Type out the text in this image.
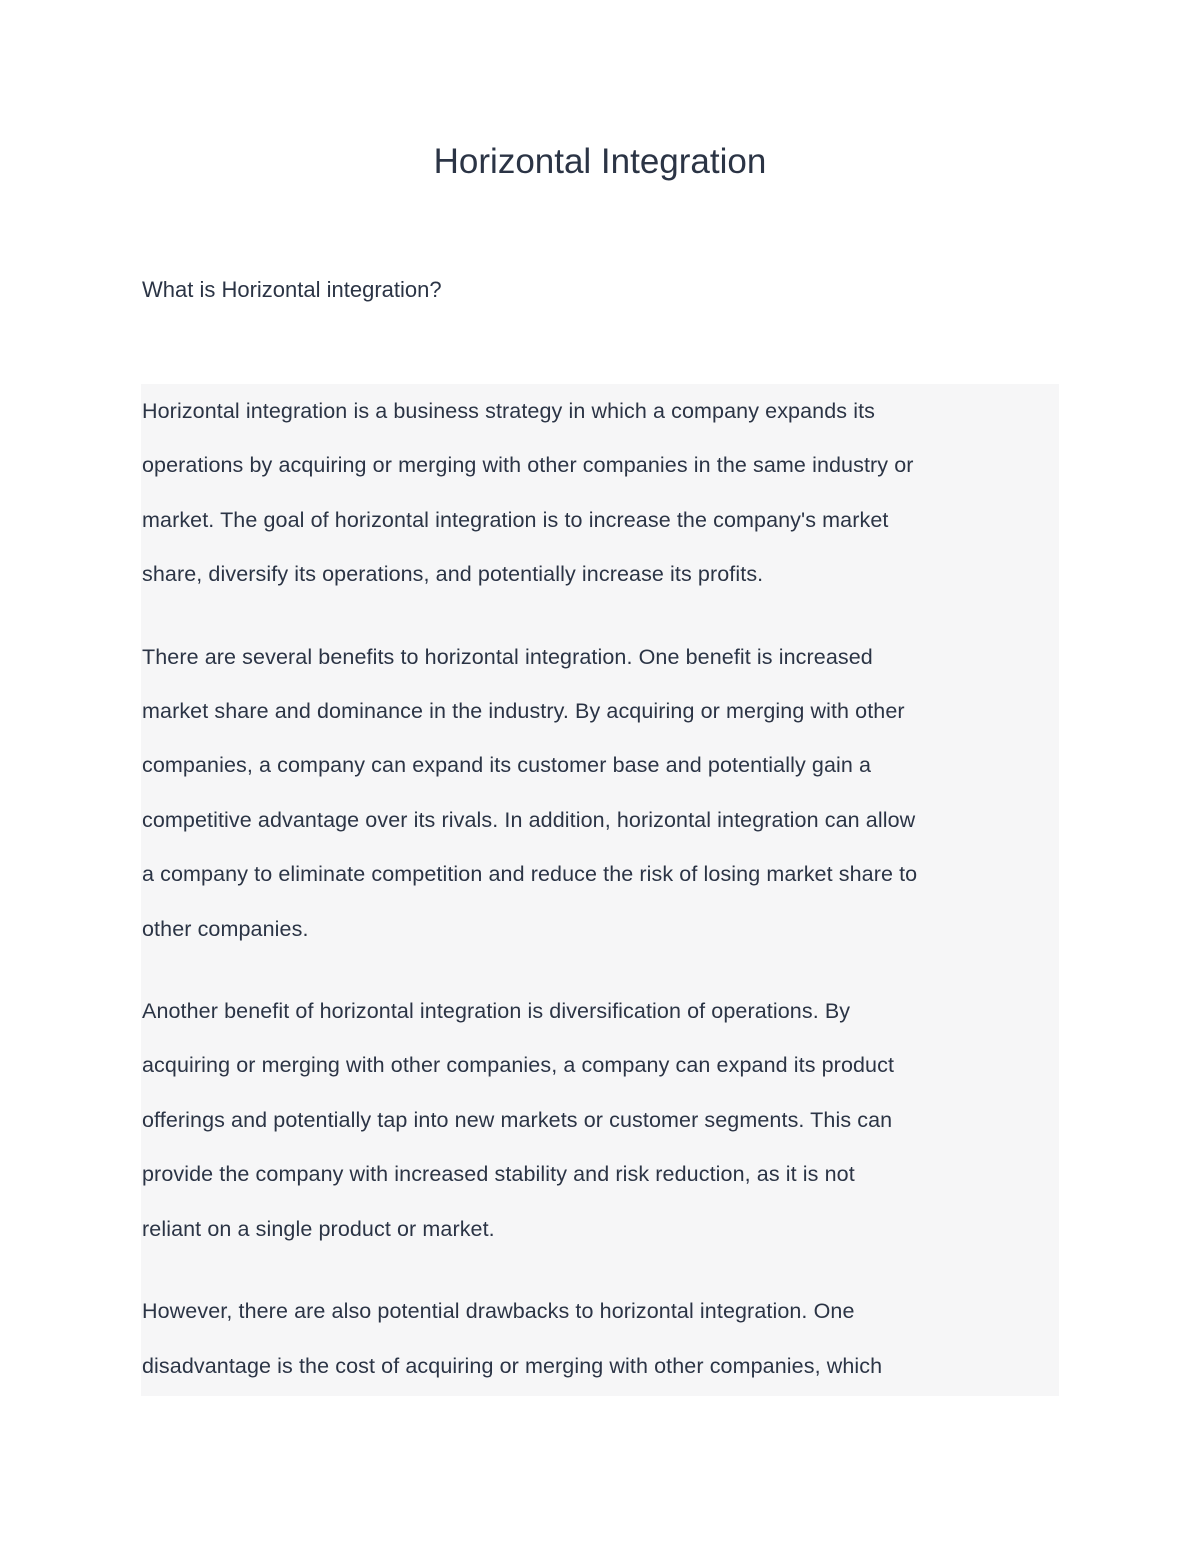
Horizontal Integration

What is Horizontal integration?

Horizontal integration is a business strategy in which a company expands its
operations by acquiring or merging with other companies in the same industry or
market. The goal of horizontal integration is to increase the company's market
share, diversify its operations, and potentially increase its profits.

There are several benefits to horizontal integration. One benefit is increased
market share and dominance in the industry. By acquiring or merging with other
companies, a company can expand its customer base and potentially gain a
competitive advantage over its rivals. In addition, horizontal integration can allow
a company to eliminate competition and reduce the risk of losing market share to
other companies.

Another benefit of horizontal integration is diversification of operations. By
acquiring or merging with other companies, a company can expand its product
offerings and potentially tap into new markets or customer segments. This can
provide the company with increased stability and risk reduction, as it is not
reliant on a single product or market.

However, there are also potential drawbacks to horizontal integration. One
disadvantage is the cost of acquiring or merging with other companies, which
